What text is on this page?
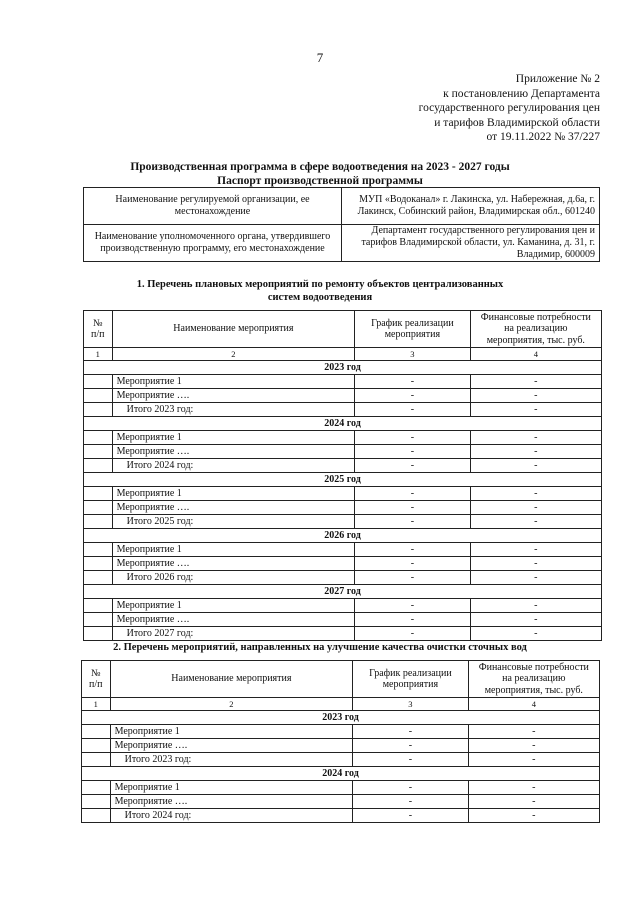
7
Приложение № 2
к постановлению Департамента
государственного регулирования цен
и тарифов Владимирской области
от 19.11.2022 № 37/227
Производственная программа в сфере водоотведения на 2023 - 2027 годы
Паспорт производственной программы
Наименование регулируемой организации, ее местонахождение	МУП «Водоканал» г. Лакинска, ул. Набережная, д.6а, г. Лакинск, Собинский район, Владимирская обл., 601240
Наименование уполномоченного органа, утвердившего производственную программу, его местонахождение	Департамент государственного регулирования цен и тарифов Владимирской области, ул. Каманина, д. 31, г. Владимир, 600009
1. Перечень плановых мероприятий по ремонту объектов централизованных
систем водоотведения
№ п/п	Наименование мероприятия	График реализации мероприятия	Финансовые потребности на реализацию мероприятия, тыс. руб.
1	2	3	4
2023 год			
	Мероприятие 1	-	-
	Мероприятие ….	-	-
	Итого 2023 год:	-	-
2024 год			
	Мероприятие 1	-	-
	Мероприятие ….	-	-
	Итого 2024 год:	-	-
2025 год			
	Мероприятие 1	-	-
	Мероприятие ….	-	-
	Итого 2025 год:	-	-
2026 год			
	Мероприятие 1	-	-
	Мероприятие ….	-	-
	Итого 2026 год:	-	-
2027 год			
	Мероприятие 1	-	-
	Мероприятие ….	-	-
	Итого 2027 год:	-	-
2. Перечень мероприятий, направленных на улучшение качества очистки сточных вод
№ п/п	Наименование мероприятия	График реализации мероприятия	Финансовые потребности на реализацию мероприятия, тыс. руб.
1	2	3	4
2023 год			
	Мероприятие 1	-	-
	Мероприятие ….	-	-
	Итого 2023 год:	-	-
2024 год			
	Мероприятие 1	-	-
	Мероприятие ….	-	-
	Итого 2024 год:	-	-
